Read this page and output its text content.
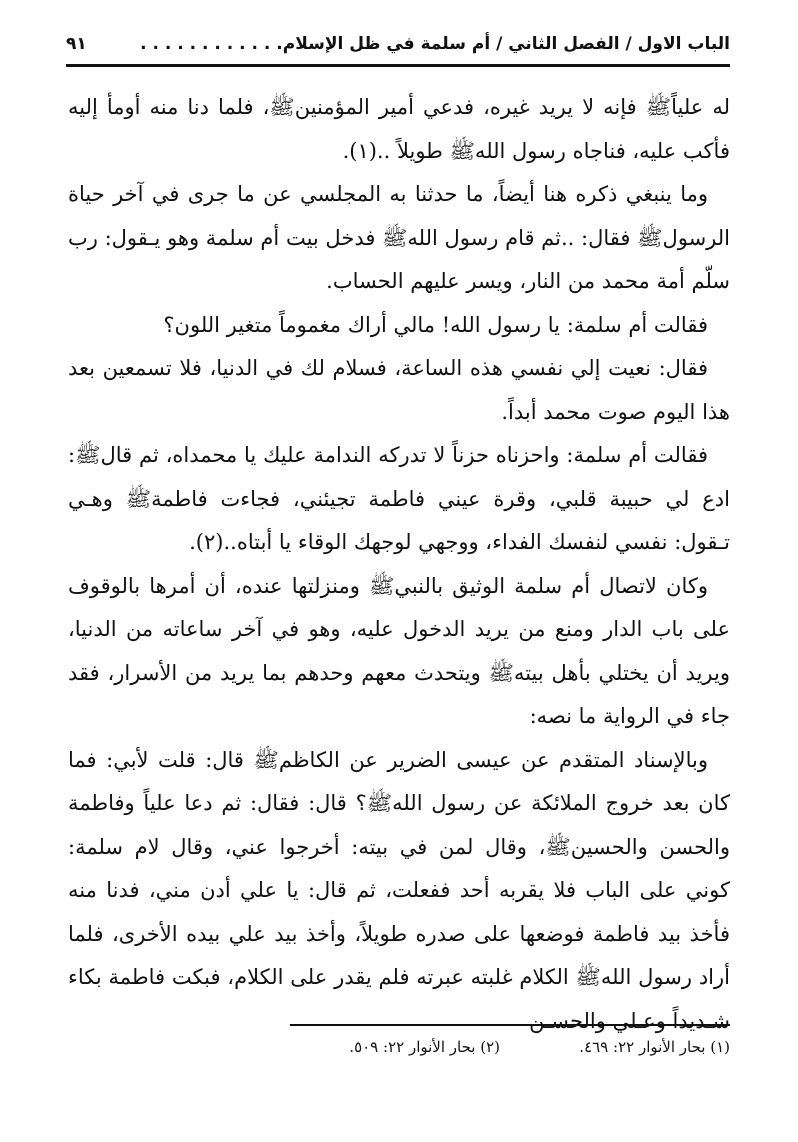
الباب الاول / الفصل الثاني / أم سلمة في ظل الإسلام. . . . . . . . . . . .
٩١

له علياًﷺ فإنه لا يريد غيره، فدعي أمير المؤمنينﷺ، فلما دنا منه أومأ إليه فأكب عليه، فناجاه رسول اللهﷺ طويلاً ..(١).

وما ينبغي ذكره هنا أيضاً، ما حدثنا به المجلسي عن ما جرى في آخر حياة الرسولﷺ فقال: ..ثم قام رسول اللهﷺ فدخل بيت أم سلمة وهو يـقول: رب سلّم أمة محمد من النار، ويسر عليهم الحساب.

فقالت أم سلمة: يا رسول الله! مالي أراك مغموماً متغير اللون؟

فقال: نعيت إلي نفسي هذه الساعة، فسلام لك في الدنيا، فلا تسمعين بعد هذا اليوم صوت محمد أبداً.

فقالت أم سلمة: واحزناه حزناً لا تدركه الندامة عليك يا محمداه، ثم قالﷺ: ادع لي حبيبة قلبي، وقرة عيني فاطمة تجيئني، فجاءت فاطمةﷺ وهـي تـقول: نفسي لنفسك الفداء، ووجهي لوجهك الوقاء يا أبتاه..(٢).

وكان لاتصال أم سلمة الوثيق بالنبيﷺ ومنزلتها عنده، أن أمرها بالوقوف على باب الدار ومنع من يريد الدخول عليه، وهو في آخر ساعاته من الدنيا، ويريد أن يختلي بأهل بيتهﷺ ويتحدث معهم وحدهم بما يريد من الأسرار، فقد جاء في الرواية ما نصه:

وبالإسناد المتقدم عن عيسى الضرير عن الكاظمﷺ قال: قلت لأبي: فما كان بعد خروج الملائكة عن رسول اللهﷺ؟ قال: فقال: ثم دعا علياً وفاطمة والحسن والحسينﷺ، وقال لمن في بيته: أخرجوا عني، وقال لام سلمة: كوني على الباب فلا يقربه أحد ففعلت، ثم قال: يا علي أدن مني، فدنا منه فأخذ بيد فاطمة فوضعها على صدره طويلاً، وأخذ بيد علي بيده الأخرى، فلما أراد رسول اللهﷺ الكلام غلبته عبرته فلم يقدر على الكلام، فبكت فاطمة بكاء شـديداً وعـلي والحسـن

(١) بحار الأنوار ٢٢: ٤٦٩.
(٢) بحار الأنوار ٢٢: ٥٠٩.
